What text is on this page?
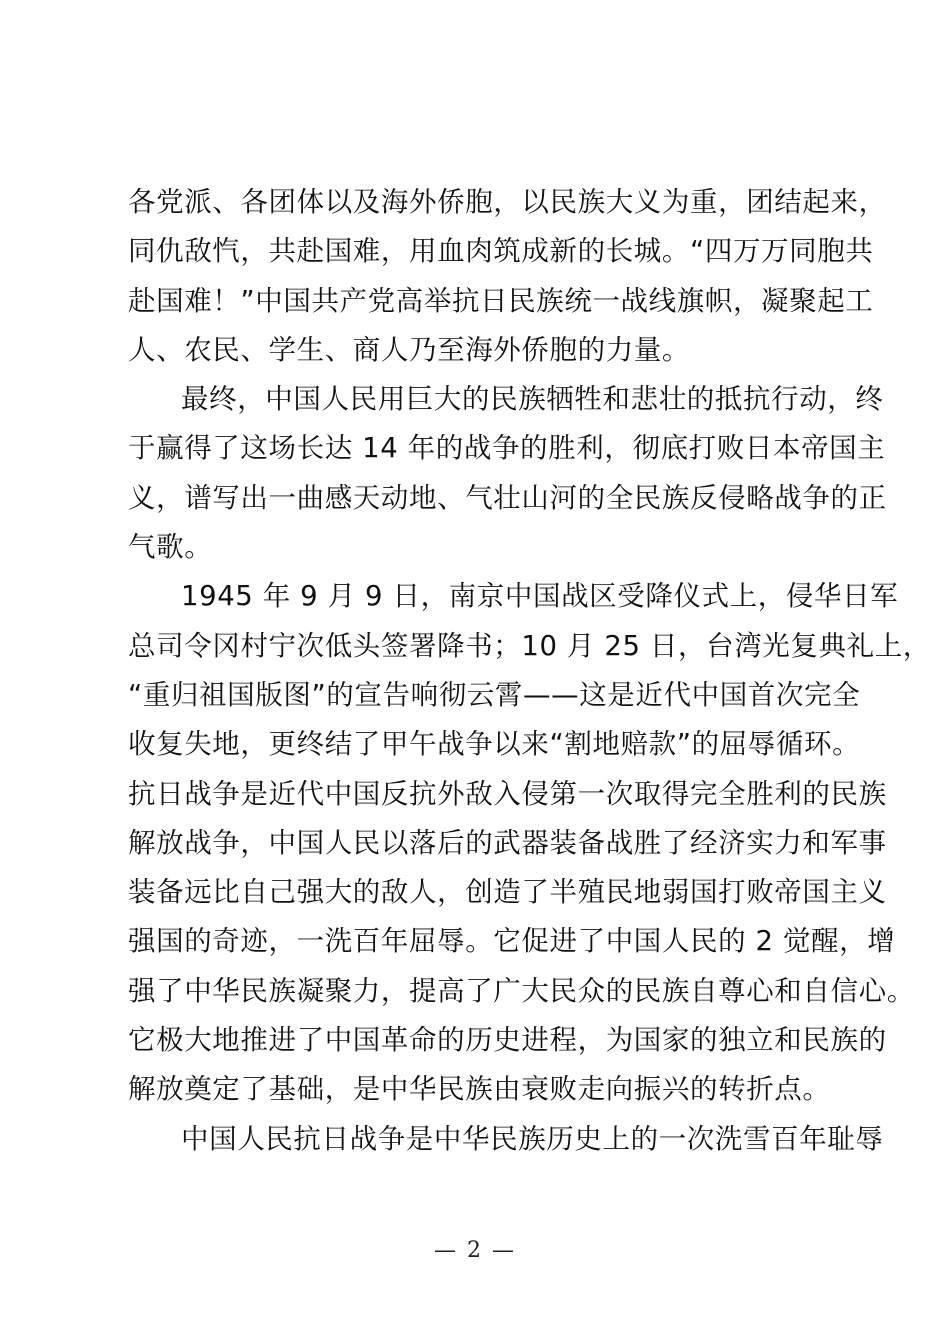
各党派、各团体以及海外侨胞，以民族大义为重，团结起来，
同仇敌忾，共赴国难，用血肉筑成新的长城。“四万万同胞共
赴国难！”中国共产党高举抗日民族统一战线旗帜，凝聚起工
人、农民、学生、商人乃至海外侨胞的力量。
最终，中国人民用巨大的民族牺牲和悲壮的抵抗行动，终
于赢得了这场长达 14 年的战争的胜利，彻底打败日本帝国主
义，谱写出一曲感天动地、气壮山河的全民族反侵略战争的正
气歌。
1945 年 9 月 9 日，南京中国战区受降仪式上，侵华日军
总司令冈村宁次低头签署降书；10 月 25 日，台湾光复典礼上，
“重归祖国版图”的宣告响彻云霄——这是近代中国首次完全
收复失地，更终结了甲午战争以来“割地赔款”的屈辱循环。
抗日战争是近代中国反抗外敌入侵第一次取得完全胜利的民族
解放战争，中国人民以落后的武器装备战胜了经济实力和军事
装备远比自己强大的敌人，创造了半殖民地弱国打败帝国主义
强国的奇迹，一洗百年屈辱。它促进了中国人民的 2 觉醒，增
强了中华民族凝聚力，提高了广大民众的民族自尊心和自信心。
它极大地推进了中国革命的历史进程，为国家的独立和民族的
解放奠定了基础，是中华民族由衰败走向振兴的转折点。
中国人民抗日战争是中华民族历史上的一次洗雪百年耻辱
— 2 —
